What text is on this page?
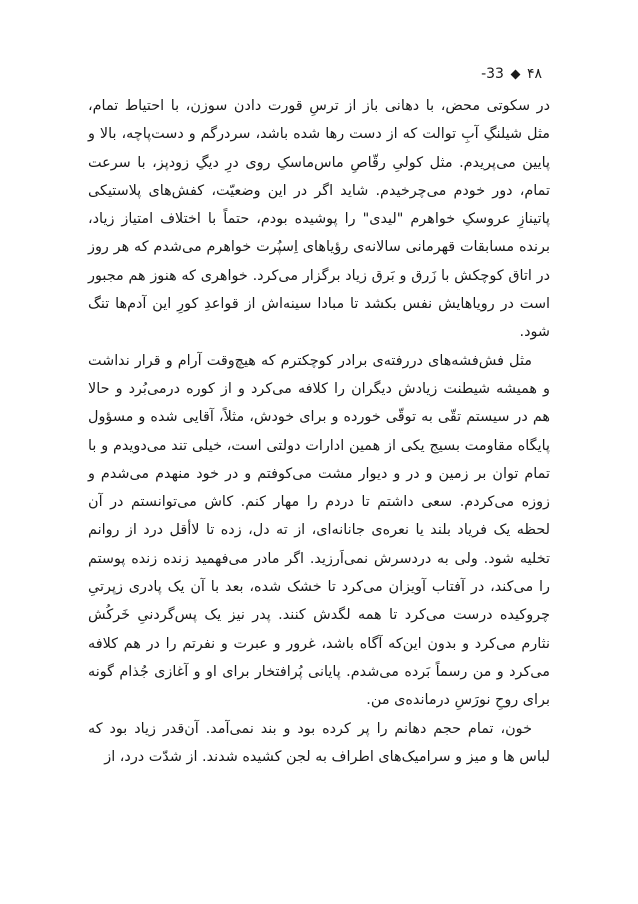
۴۸
-33

در سکوتی محض، با دهانی باز از ترسِ قورت دادن سوزن، با احتیاط تمام، مثل شیلنگِ آبِ توالت که از دست رها شده باشد، سردرگم و دست‌پاچه، بالا و پایین می‌پریدم. مثل کولیِ رقّاصِ ماس‌ماسکِ روی درِ دیگِ زودپز، با سرعت تمام، دور خودم می‌چرخیدم. شاید اگر در این وضعیّت، کفش‌های پلاستیکی پاتینازِ عروسکِ خواهرم "لیدی" را پوشیده بودم، حتماً با اختلاف امتیاز زیاد، برنده مسابقات قهرمانی سالانه‌ی رؤیاهای اِسپُرت خواهرم می‌شدم که هر روز در اتاق کوچکش با زَرق و بَرق زیاد برگزار می‌کرد. خواهری که هنوز هم مجبور است در رویاهایش نفس بکشد تا مبادا سینه‌اش از قواعدِ کورِ این آدم‌ها تنگ شود.

مثل فش‌فشه‌های دررفته‌ی برادر کوچکترم که هیچ‌وقت آرام و قرار نداشت و همیشه شیطنت زیادش دیگران را کلافه می‌کرد و از کوره درمی‌بُرد و حالا هم در سیستم تقّی به توقّی خورده و برای خودش، مثلاً، آقایی شده و مسؤول پایگاه مقاومت بسیج یکی از همین ادارات دولتی است، خیلی تند می‌دویدم و با تمام توان بر زمین و در و دیوار مشت می‌کوفتم و در خود منهدم می‌شدم و زوزه می‌کردم. سعی داشتم تا دردم را مهار کنم. کاش می‌توانستم در آن لحظه یک فریاد بلند یا نعره‌ی جانانه‌ای، از ته دل، زده تا لاأقل درد از روانم تخلیه شود. ولی به دردسرش نمی‌اَرزید. اگر مادر می‌فهمید زنده زنده پوستم را می‌کند، در آفتاب آویزان می‌کرد تا خشک شده، بعد با آن یک پادری زپرتیِ چروکیده درست می‌کرد تا همه لگدش کنند. پدر نیز یک پس‌گردنیِ خَرکُش نثارم می‌کرد و بدون این‌که آگاه باشد، غرور و عبرت و نفرتم را در هم کلافه می‌کرد و من رسماً بَرده می‌شدم. پایانی پُرافتخار برای او و آغازی جُذام گونه برای روحِ نورَسِ درمانده‌ی من.

خون، تمام حجم دهانم را پر کرده بود و بند نمی‌آمد. آن‌قدر زیاد بود که لباس ها و میز و سرامیک‌های اطراف به لجن کشیده شدند. از شدّت درد، از
